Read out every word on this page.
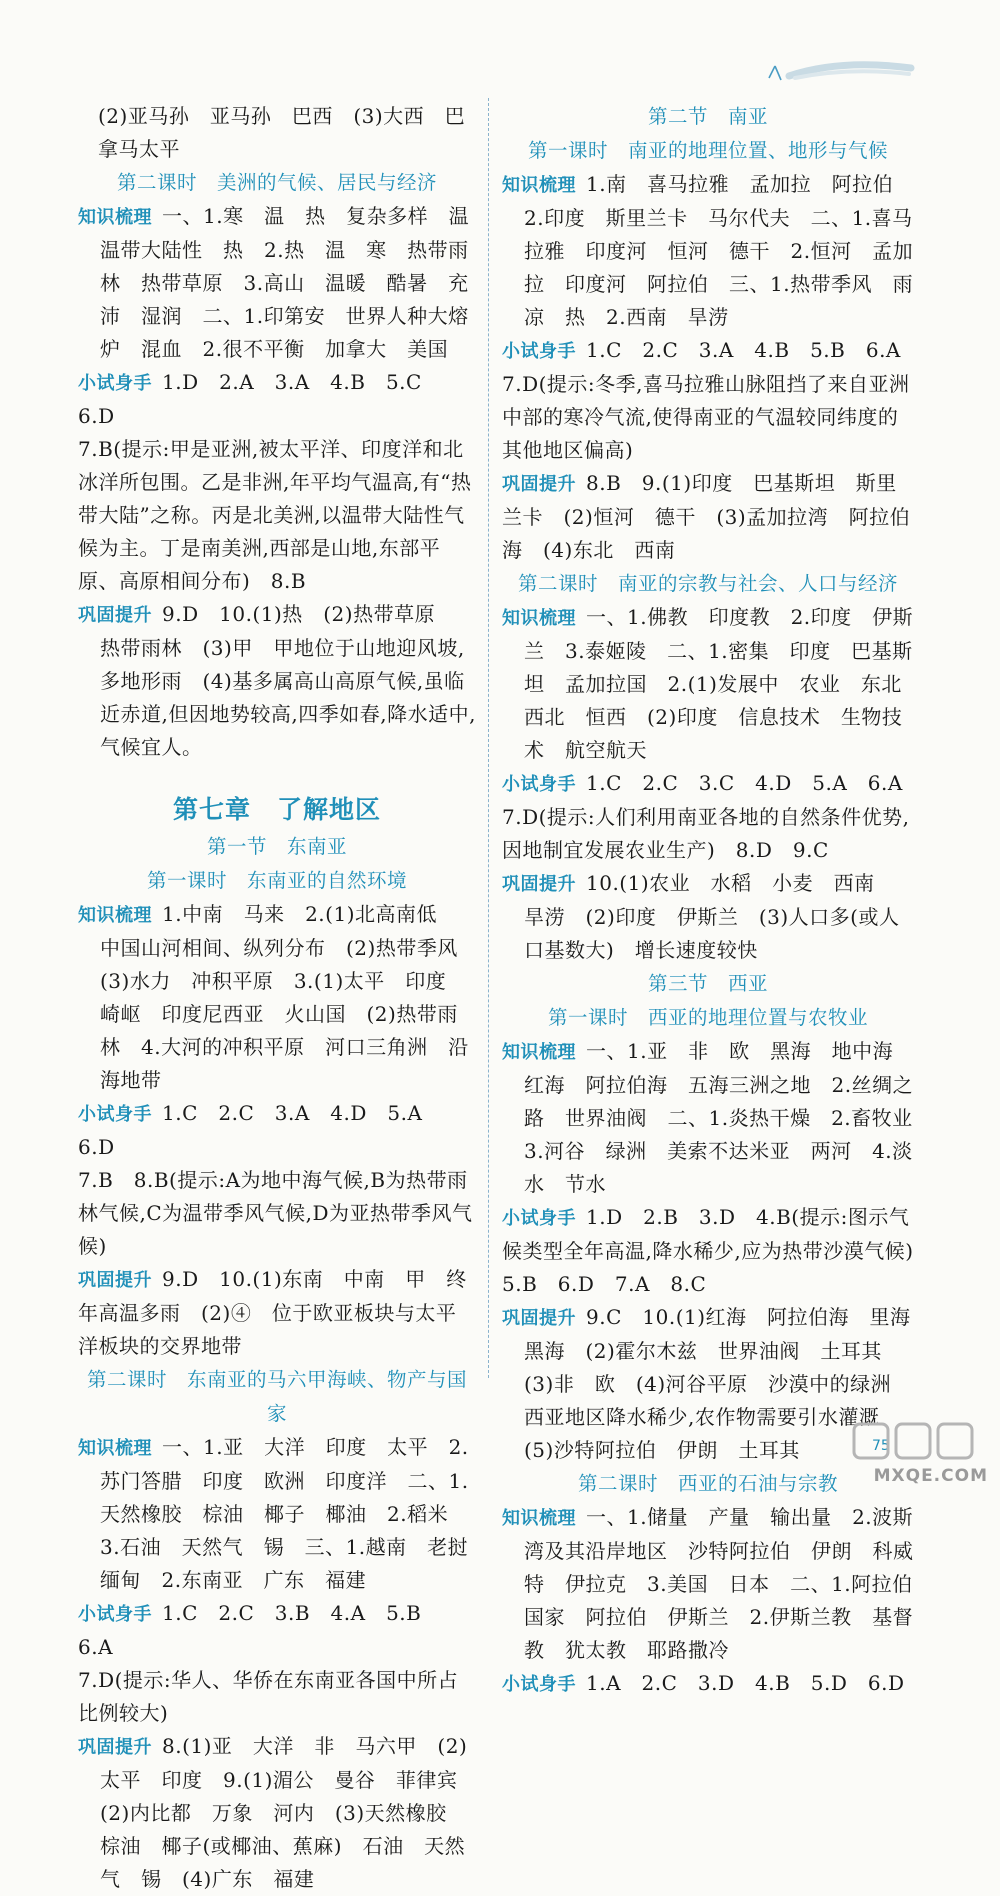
(2)亚马孙　亚马孙　巴西　(3)大西　巴拿马太平
第二课时　美洲的气候、居民与经济
知识梳理 一、1.寒　温　热　复杂多样　温温带大陆性　热　2.热　温　寒　热带雨林　热带草原　3.高山　温暖　酷暑　充沛　湿润　二、1.印第安　世界人种大熔炉　混血　2.很不平衡　加拿大　美国
小试身手 1.D　2.A　3.A　4.B　5.C　6.D
7.B(提示:甲是亚洲,被太平洋、印度洋和北冰洋所包围。乙是非洲,年平均气温高,有“热带大陆”之称。丙是北美洲,以温带大陆性气候为主。丁是南美洲,西部是山地,东部平原、高原相间分布)　8.B
巩固提升 9.D　10.(1)热　(2)热带草原　热带雨林　(3)甲　甲地位于山地迎风坡,多地形雨　(4)基多属高山高原气候,虽临近赤道,但因地势较高,四季如春,降水适中,气候宜人。
第七章　了解地区
第一节　东南亚
第一课时　东南亚的自然环境
知识梳理 1.中南　马来　2.(1)北高南低　中国山河相间、纵列分布　(2)热带季风　(3)水力　冲积平原　3.(1)太平　印度　崎岖　印度尼西亚　火山国　(2)热带雨林　4.大河的冲积平原　河口三角洲　沿海地带
小试身手 1.C　2.C　3.A　4.D　5.A　6.D
7.B　8.B(提示:A为地中海气候,B为热带雨林气候,C为温带季风气候,D为亚热带季风气候)
巩固提升 9.D　10.(1)东南　中南　甲　终年高温多雨　(2)④　位于欧亚板块与太平洋板块的交界地带
第二课时　东南亚的马六甲海峡、物产与国家
知识梳理 一、1.亚　大洋　印度　太平　2.苏门答腊　印度　欧洲　印度洋　二、1.天然橡胶　棕油　椰子　椰油　2.稻米　3.石油　天然气　锡　三、1.越南　老挝　缅甸　2.东南亚　广东　福建
小试身手 1.C　2.C　3.B　4.A　5.B　6.A
7.D(提示:华人、华侨在东南亚各国中所占比例较大)
巩固提升 8.(1)亚　大洋　非　马六甲　(2)太平　印度　9.(1)湄公　曼谷　菲律宾　(2)内比都　万象　河内　(3)天然橡胶　棕油　椰子(或椰油、蕉麻)　石油　天然气　锡　(4)广东　福建
第二节　南亚
第一课时　南亚的地理位置、地形与气候
知识梳理 1.南　喜马拉雅　孟加拉　阿拉伯　2.印度　斯里兰卡　马尔代夫　二、1.喜马拉雅　印度河　恒河　德干　2.恒河　孟加拉　印度河　阿拉伯　三、1.热带季风　雨　凉　热　2.西南　旱涝
小试身手 1.C　2.C　3.A　4.B　5.B　6.A
7.D(提示:冬季,喜马拉雅山脉阻挡了来自亚洲中部的寒冷气流,使得南亚的气温较同纬度的其他地区偏高)
巩固提升 8.B　9.(1)印度　巴基斯坦　斯里兰卡　(2)恒河　德干　(3)孟加拉湾　阿拉伯海　(4)东北　西南
第二课时　南亚的宗教与社会、人口与经济
知识梳理 一、1.佛教　印度教　2.印度　伊斯兰　3.泰姬陵　二、1.密集　印度　巴基斯坦　孟加拉国　2.(1)发展中　农业　东北　西北　恒西　(2)印度　信息技术　生物技术　航空航天
小试身手 1.C　2.C　3.C　4.D　5.A　6.A
7.D(提示:人们利用南亚各地的自然条件优势,因地制宜发展农业生产)　8.D　9.C
巩固提升 10.(1)农业　水稻　小麦　西南　旱涝　(2)印度　伊斯兰　(3)人口多(或人口基数大)　增长速度较快
第三节　西亚
第一课时　西亚的地理位置与农牧业
知识梳理 一、1.亚　非　欧　黑海　地中海　红海　阿拉伯海　五海三洲之地　2.丝绸之路　世界油阀　二、1.炎热干燥　2.畜牧业　3.河谷　绿洲　美索不达米亚　两河　4.淡水　节水
小试身手 1.D　2.B　3.D　4.B(提示:图示气候类型全年高温,降水稀少,应为热带沙漠气候)　5.B　6.D　7.A　8.C
巩固提升 9.C　10.(1)红海　阿拉伯海　里海　黑海　(2)霍尔木兹　世界油阀　土耳其　(3)非　欧　(4)河谷平原　沙漠中的绿洲　西亚地区降水稀少,农作物需要引水灌溉　(5)沙特阿拉伯　伊朗　土耳其
第二课时　西亚的石油与宗教
知识梳理 一、1.储量　产量　输出量　2.波斯湾及其沿岸地区　沙特阿拉伯　伊朗　科威特　伊拉克　3.美国　日本　二、1.阿拉伯国家　阿拉伯　伊斯兰　2.伊斯兰教　基督教　犹太教　耶路撒冷
小试身手 1.A　2.C　3.D　4.B　5.D　6.D
75
MXQE.COM
